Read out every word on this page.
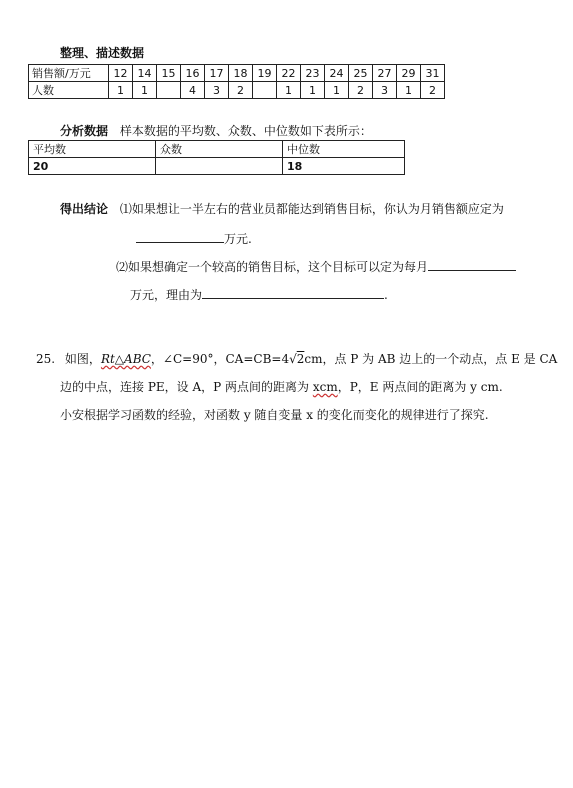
整理、描述数据
销售额/万元	12	14	15	16	17	18	19	22	23	24	25	27	29	31
人数	1	1		4	3	2		1	1	1	2	3	1	2
分析数据 样本数据的平均数、众数、中位数如下表所示：
平均数	众数	中位数
20		18
得出结论 ⑴如果想让一半左右的营业员都能达到销售目标，你认为月销售额应定为
万元.
⑵如果想确定一个较高的销售目标，这个目标可以定为每月
万元，理由为	.
25. 如图，Rt△ABC，∠C=90°，CA=CB=4√2cm，点 P 为 AB 边上的一个动点，点 E 是 CA
边的中点，连接 PE，设 A，P 两点间的距离为 xcm，P，E 两点间的距离为 y cm.
小安根据学习函数的经验，对函数 y 随自变量 x 的变化而变化的规律进行了探究.
